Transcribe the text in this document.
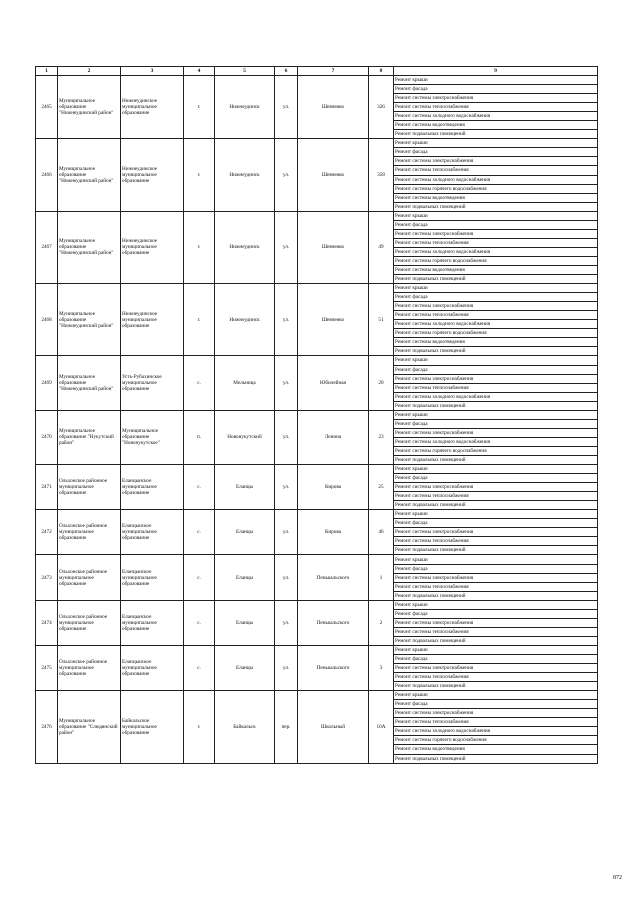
1	2	3	4	5	6	7	8	9
2465	Муниципальное образование "Нижнеудинский район"	Нижнеудинское муниципальное образование	г.	Нижнеудинск	ул.	Шевченко	326	Ремонт крыши
								Ремонт фасада
								Ремонт системы электроснабжения
								Ремонт системы теплоснабжения
								Ремонт системы холодного водоснабжения
								Ремонт системы водоотведения
								Ремонт подвальных помещений
2466	Муниципальное образование "Нижнеудинский район"	Нижнеудинское муниципальное образование	г.	Нижнеудинск	ул.	Шевченко	358	Ремонт крыши
								Ремонт фасада
								Ремонт системы электроснабжения
								Ремонт системы теплоснабжения
								Ремонт системы холодного водоснабжения
								Ремонт системы горячего водоснабжения
								Ремонт системы водоотведения
								Ремонт подвальных помещений
2467	Муниципальное образование "Нижнеудинский район"	Нижнеудинское муниципальное образование	г.	Нижнеудинск	ул.	Шевченко	49	Ремонт крыши
								Ремонт фасада
								Ремонт системы электроснабжения
								Ремонт системы теплоснабжения
								Ремонт системы холодного водоснабжения
								Ремонт системы горячего водоснабжения
								Ремонт системы водоотведения
								Ремонт подвальных помещений
2468	Муниципальное образование "Нижнеудинский район"	Нижнеудинское муниципальное образование	г.	Нижнеудинск	ул.	Шевченко	51	Ремонт крыши
								Ремонт фасада
								Ремонт системы электроснабжения
								Ремонт системы теплоснабжения
								Ремонт системы холодного водоснабжения
								Ремонт системы горячего водоснабжения
								Ремонт системы водоотведения
								Ремонт подвальных помещений
2469	Муниципальное образование "Нижнеудинский район"	Усть-Рубахинское муниципальное образование	с.	Мельница	ул.	Юбилейная	20	Ремонт крыши
								Ремонт фасада
								Ремонт системы электроснабжения
								Ремонт системы теплоснабжения
								Ремонт системы холодного водоснабжения
								Ремонт подвальных помещений
2470	Муниципальное образование "Нукутский район"	Муниципальное образование "Новонукутское"	п.	Новонукутский	ул.	Ленина	23	Ремонт крыши
								Ремонт фасада
								Ремонт системы электроснабжения
								Ремонт системы холодного водоснабжения
								Ремонт системы горячего водоснабжения
								Ремонт подвальных помещений
2471	Ольхонское районное муниципальное образование	Еланцынское муниципальное образование	с.	Еланцы	ул.	Кирова	25	Ремонт крыши
								Ремонт фасада
								Ремонт системы электроснабжения
								Ремонт системы теплоснабжения
								Ремонт подвальных помещений
2472	Ольхонское районное муниципальное образование	Еланцынское муниципальное образование	с.	Еланцы	ул.	Кирова	46	Ремонт крыши
								Ремонт фасада
								Ремонт системы электроснабжения
								Ремонт системы теплоснабжения
								Ремонт подвальных помещений
2473	Ольхонское районное муниципальное образование	Еланцынское муниципальное образование	с.	Еланцы	ул.	Пенькальского	1	Ремонт крыши
								Ремонт фасада
								Ремонт системы электроснабжения
								Ремонт системы теплоснабжения
								Ремонт подвальных помещений
2474	Ольхонское районное муниципальное образование	Еланцынское муниципальное образование	с.	Еланцы	ул.	Пенькальского	2	Ремонт крыши
								Ремонт фасада
								Ремонт системы электроснабжения
								Ремонт системы теплоснабжения
								Ремонт подвальных помещений
2475	Ольхонское районное муниципальное образование	Еланцынское муниципальное образование	с.	Еланцы	ул.	Пенькальского	3	Ремонт крыши
								Ремонт фасада
								Ремонт системы электроснабжения
								Ремонт системы теплоснабжения
								Ремонт подвальных помещений
2476	Муниципальное образование "Слюдянский район"	Байкальское муниципальное образование	г.	Байкальск	пер.	Школьный	10А	Ремонт крыши
								Ремонт фасада
								Ремонт системы электроснабжения
								Ремонт системы теплоснабжения
								Ремонт системы холодного водоснабжения
								Ремонт системы горячего водоснабжения
								Ремонт системы водоотведения
								Ремонт подвальных помещений
872
